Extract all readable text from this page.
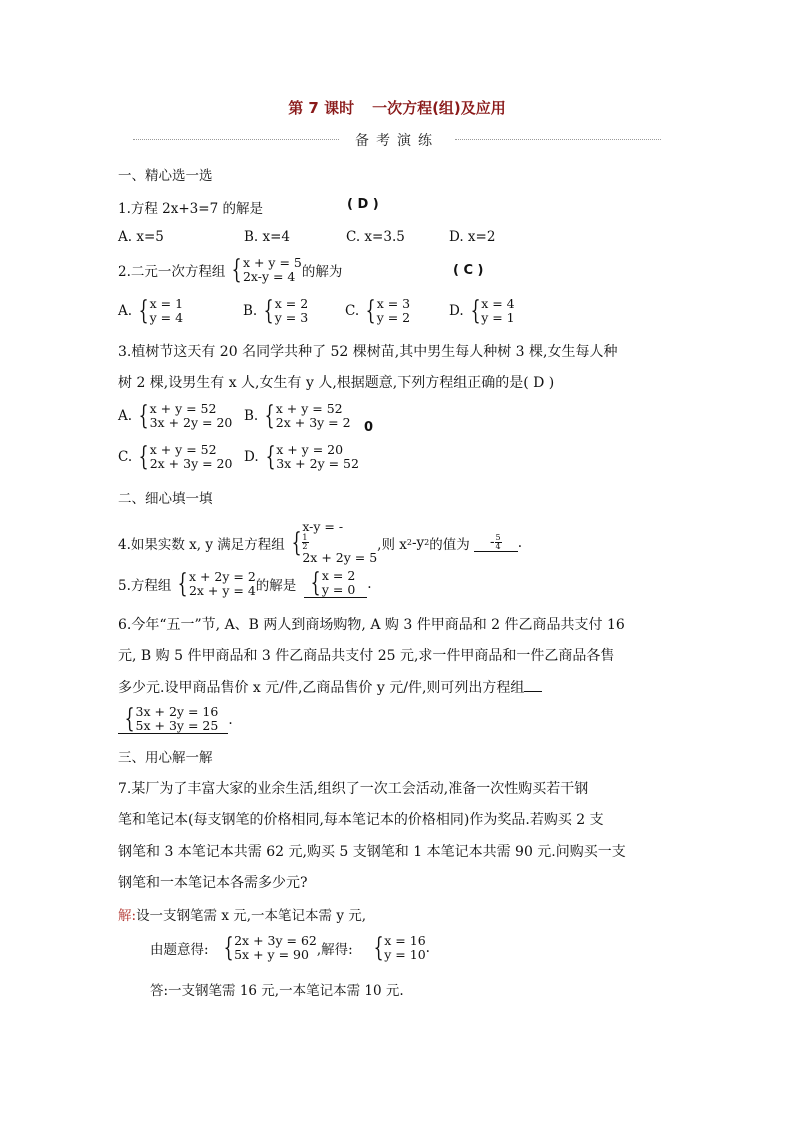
第 7 课时 一次方程(组)及应用
备考演练
一、精心选一选
1.方程 2x+3=7 的解是	( D )
A. x=5	B. x=4	C. x=3.5	D. x=2
2.二元一次方程组 { x + y = 5
2x-y = 4 的解为	( C )
A. { x = 1
y = 4	B. { x = 2
y = 3	C. { x = 3
y = 2	D. { x = 4
y = 1
3.植树节这天有 20 名同学共种了 52 棵树苗,其中男生每人种树 3 棵,女生每人种
树 2 棵,设男生有 x 人,女生有 y 人,根据题意,下列方程组正确的是( D )
A. { x + y = 52
3x + 2y = 20 B. { x + y = 52
2x + 3y = 2 0
C. { x + y = 52
2x + 3y = 20 D. { x + y = 20
3x + 2y = 52
二、细心填一填
4.如果实数 x, y 满足方程组 {
x-y = -
1
2
2x + 2y = 5
,则 x 2 -y 2 的值为	- $\frac{5}{4}$ .
5.方程组 { x + 2y = 2
2x + y = 4 的解是 { x = 2
y = 0 .
6.今年“五一”节, A、B 两人到商场购物, A 购 3 件甲商品和 2 件乙商品共支付 16
元, B 购 5 件甲商品和 3 件乙商品共支付 25 元,求一件甲商品和一件乙商品各售
多少元.设甲商品售价 x 元/件,乙商品售价 y 元/件,则可列出方程组
{ 3x + 2y = 16
5x + 3y = 25 .
三、用心解一解
7.某厂为了丰富大家的业余生活,组织了一次工会活动,准备一次性购买若干钢
笔和笔记本(每支钢笔的价格相同,每本笔记本的价格相同)作为奖品.若购买 2 支
钢笔和 3 本笔记本共需 62 元,购买 5 支钢笔和 1 本笔记本共需 90 元.问购买一支
钢笔和一本笔记本各需多少元?
解:设一支钢笔需 x 元,一本笔记本需 y 元,
由题意得: { 2x + 3y = 62
5x + y = 90 ,解得: { x = 16
y = 10 .
答:一支钢笔需 16 元,一本笔记本需 10 元.
